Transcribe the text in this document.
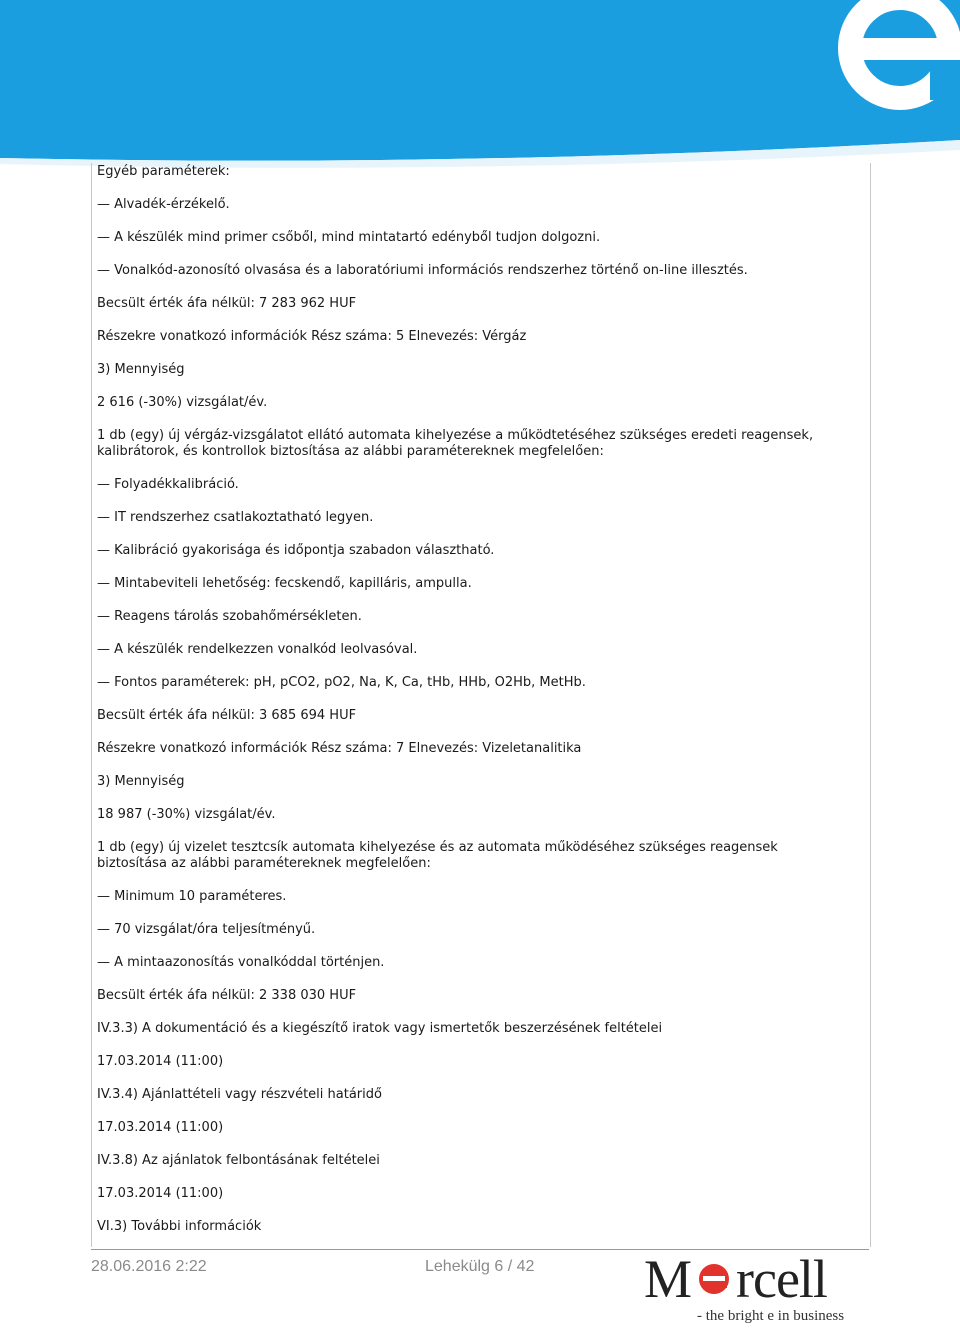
Egyéb paraméterek:
— Alvadék-érzékelő.
— A készülék mind primer csőből, mind mintatartó edényből tudjon dolgozni.
— Vonalkód-azonosító olvasása és a laboratóriumi információs rendszerhez történő on-line illesztés.
Becsült érték áfa nélkül: 7 283 962 HUF
Részekre vonatkozó információk Rész száma: 5 Elnevezés: Vérgáz
3) Mennyiség
2 616 (-30%) vizsgálat/év.
1 db (egy) új vérgáz-vizsgálatot ellátó automata kihelyezése a működtetéséhez szükséges eredeti reagensek, kalibrátorok, és kontrollok biztosítása az alábbi paramétereknek megfelelően:
— Folyadékkalibráció.
— IT rendszerhez csatlakoztatható legyen.
— Kalibráció gyakorisága és időpontja szabadon választható.
— Mintabeviteli lehetőség: fecskendő, kapilláris, ampulla.
— Reagens tárolás szobahőmérsékleten.
— A készülék rendelkezzen vonalkód leolvasóval.
— Fontos paraméterek: pH, pCO2, pO2, Na, K, Ca, tHb, HHb, O2Hb, MetHb.
Becsült érték áfa nélkül: 3 685 694 HUF
Részekre vonatkozó információk Rész száma: 7 Elnevezés: Vizeletanalitika
3) Mennyiség
18 987 (-30%) vizsgálat/év.
1 db (egy) új vizelet tesztcsík automata kihelyezése és az automata működéséhez szükséges reagensek biztosítása az alábbi paramétereknek megfelelően:
— Minimum 10 paraméteres.
— 70 vizsgálat/óra teljesítményű.
— A mintaazonosítás vonalkóddal történjen.
Becsült érték áfa nélkül: 2 338 030 HUF
IV.3.3) A dokumentáció és a kiegészítő iratok vagy ismertetők beszerzésének feltételei
17.03.2014 (11:00)
IV.3.4) Ajánlattételi vagy részvételi határidő
17.03.2014 (11:00)
IV.3.8) Az ajánlatok felbontásának feltételei
17.03.2014 (11:00)
VI.3) További információk
28.06.2016 2:22	Lehekülg 6 / 42 M rcell
- the bright e in business
